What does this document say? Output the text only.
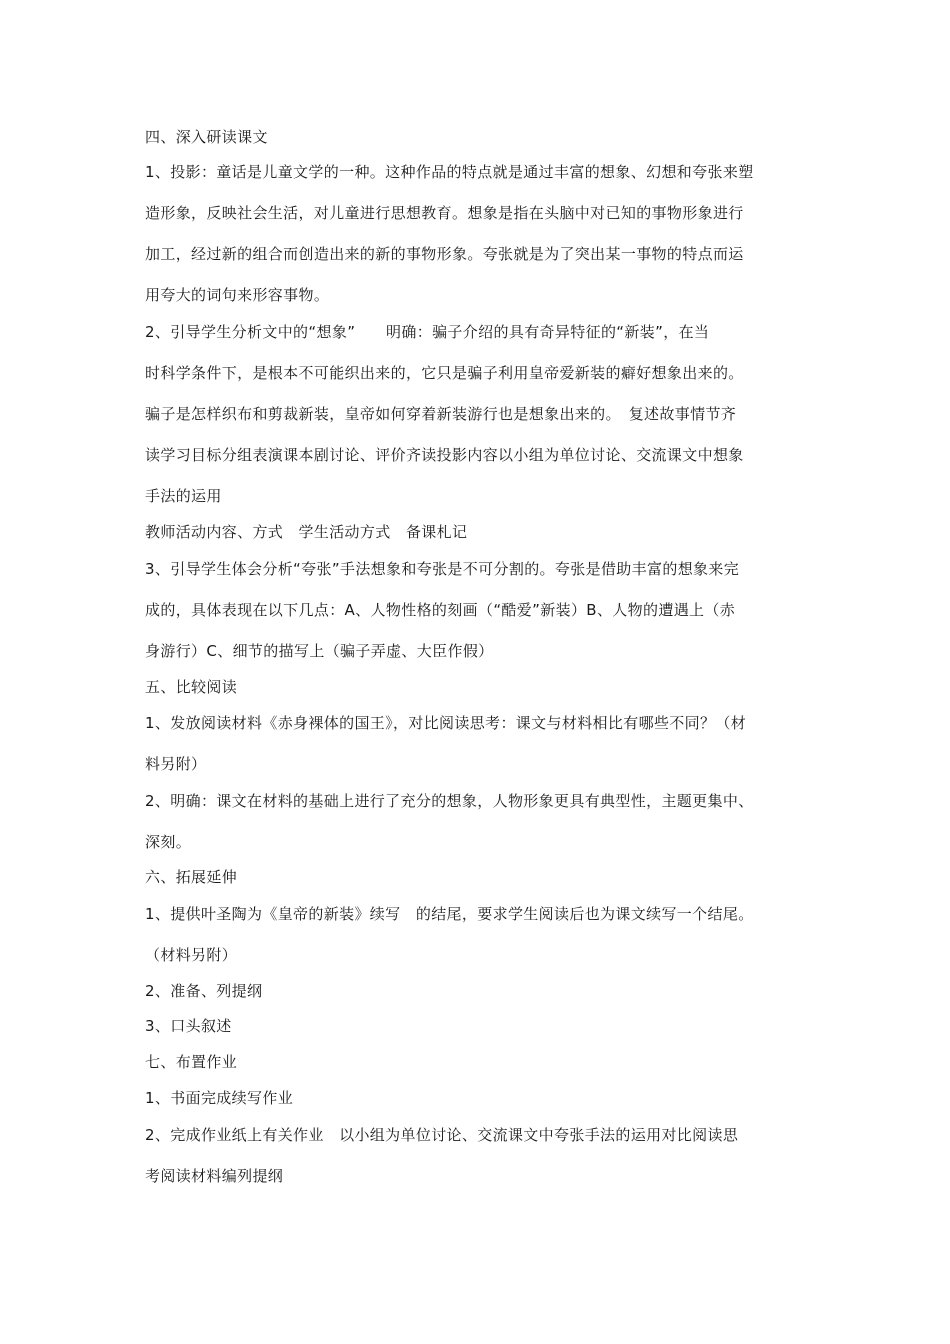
四、深入研读课文
1、投影：童话是儿童文学的一种。这种作品的特点就是通过丰富的想象、幻想和夸张来塑
造形象，反映社会生活，对儿童进行思想教育。想象是指在头脑中对已知的事物形象进行
加工，经过新的组合而创造出来的新的事物形象。夸张就是为了突出某一事物的特点而运
用夸大的词句来形容事物。
2、引导学生分析文中的“想象”　　明确：骗子介绍的具有奇异特征的“新装”，在当
时科学条件下，是根本不可能织出来的，它只是骗子利用皇帝爱新装的癖好想象出来的。
骗子是怎样织布和剪裁新装，皇帝如何穿着新装游行也是想象出来的。　复述故事情节齐
读学习目标分组表演课本剧讨论、评价齐读投影内容以小组为单位讨论、交流课文中想象
手法的运用
教师活动内容、方式　学生活动方式　备课札记
3、引导学生体会分析“夸张”手法想象和夸张是不可分割的。夸张是借助丰富的想象来完
成的，具体表现在以下几点：A、人物性格的刻画（“酷爱”新装）B、人物的遭遇上（赤
身游行）C、细节的描写上（骗子弄虚、大臣作假）
五、比较阅读
1、发放阅读材料《赤身裸体的国王》，对比阅读思考：课文与材料相比有哪些不同？（材
料另附）
2、明确：课文在材料的基础上进行了充分的想象，人物形象更具有典型性，主题更集中、
深刻。
六、拓展延伸
1、提供叶圣陶为《皇帝的新装》续写　的结尾，要求学生阅读后也为课文续写一个结尾。
（材料另附）
2、准备、列提纲
3、口头叙述
七、布置作业
1、书面完成续写作业
2、完成作业纸上有关作业　以小组为单位讨论、交流课文中夸张手法的运用对比阅读思
考阅读材料编列提纲
